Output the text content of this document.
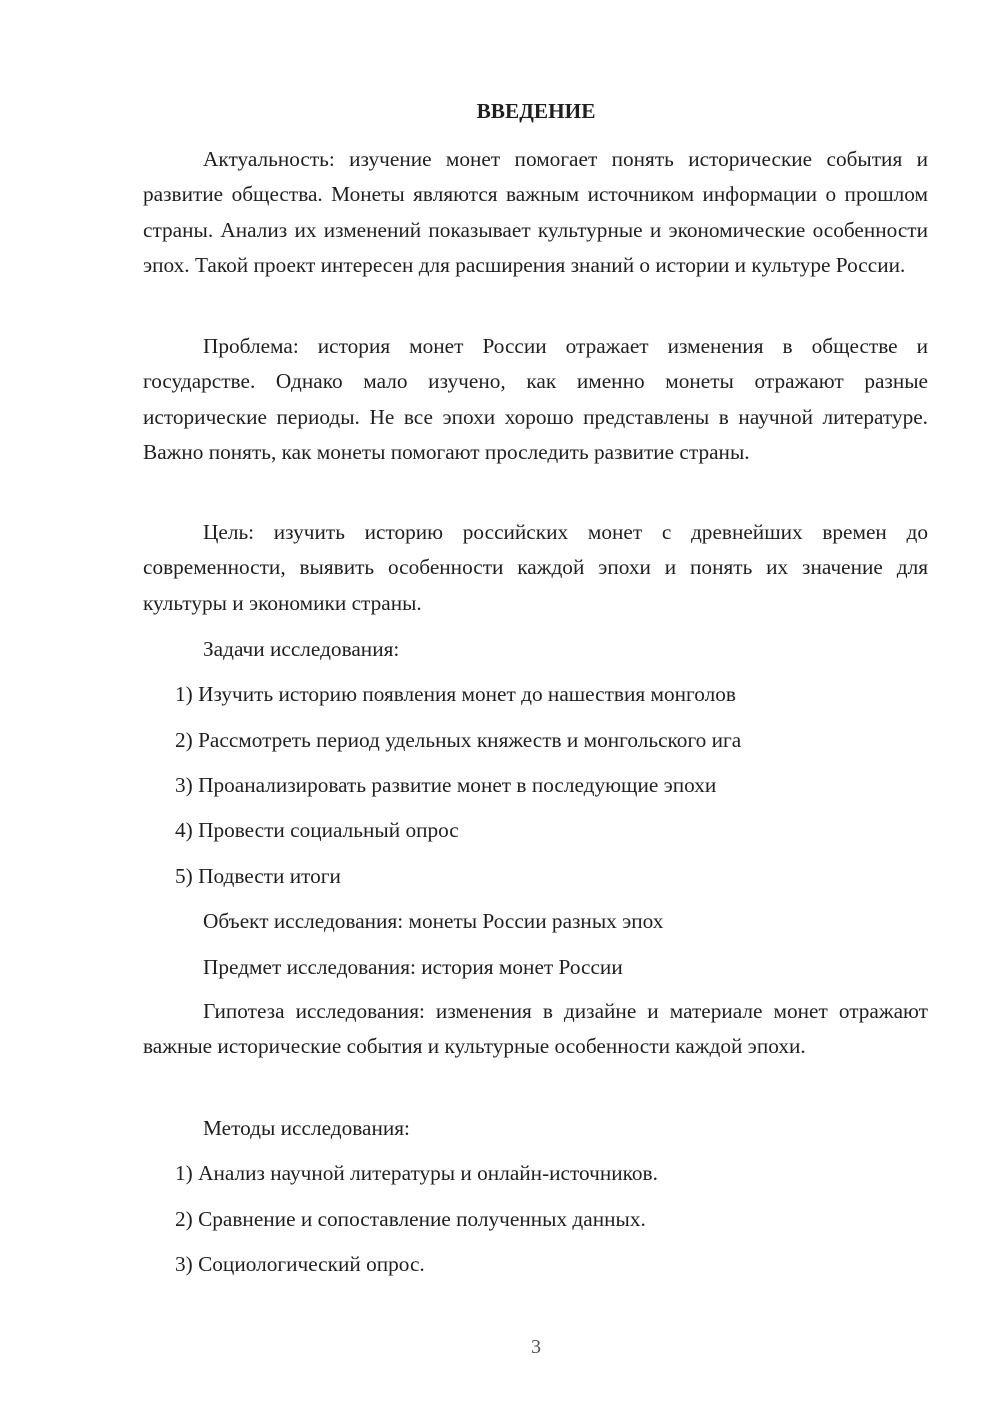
ВВЕДЕНИЕ

Актуальность: изучение монет помогает понять исторические события и развитие общества. Монеты являются важным источником информации о прошлом страны. Анализ их изменений показывает культурные и экономические особенности эпох. Такой проект интересен для расширения знаний о истории и культуре России.

Проблема: история монет России отражает изменения в обществе и государстве. Однако мало изучено, как именно монеты отражают разные исторические периоды. Не все эпохи хорошо представлены в научной литературе. Важно понять, как монеты помогают проследить развитие страны.

Цель: изучить историю российских монет с древнейших времен до современности, выявить особенности каждой эпохи и понять их значение для культуры и экономики страны.

Задачи исследования:

1) Изучить историю появления монет до нашествия монголов

2) Рассмотреть период удельных княжеств и монгольского ига

3) Проанализировать развитие монет в последующие эпохи

4) Провести социальный опрос

5) Подвести итоги

Объект исследования: монеты России разных эпох

Предмет исследования: история монет России

Гипотеза исследования: изменения в дизайне и материале монет отражают важные исторические события и культурные особенности каждой эпохи.

Методы исследования:

1) Анализ научной литературы и онлайн-источников.

2) Сравнение и сопоставление полученных данных.

3) Социологический опрос.

3
